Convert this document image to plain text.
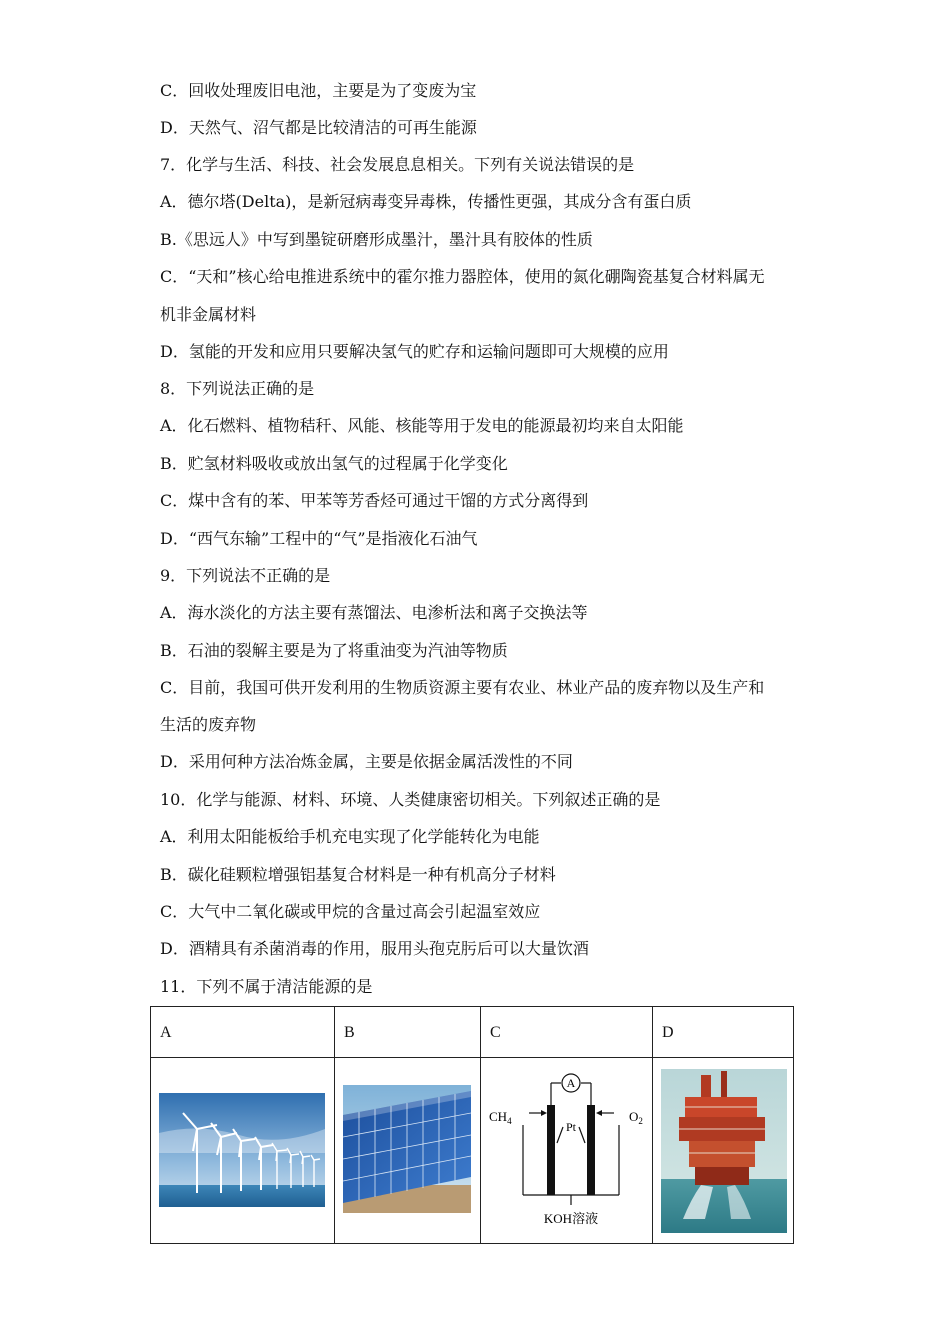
C．回收处理废旧电池，主要是为了变废为宝
D．天然气、沼气都是比较清洁的可再生能源
7．化学与生活、科技、社会发展息息相关。下列有关说法错误的是
A．德尔塔(Delta)，是新冠病毒变异毒株，传播性更强，其成分含有蛋白质
B.《思远人》中写到墨锭研磨形成墨汁，墨汁具有胶体的性质
C．“天和”核心给电推进系统中的霍尔推力器腔体，使用的氮化硼陶瓷基复合材料属无
机非金属材料
D．氢能的开发和应用只要解决氢气的贮存和运输问题即可大规模的应用
8．下列说法正确的是
A．化石燃料、植物秸秆、风能、核能等用于发电的能源最初均来自太阳能
B．贮氢材料吸收或放出氢气的过程属于化学变化
C．煤中含有的苯、甲苯等芳香烃可通过干馏的方式分离得到
D．“西气东输”工程中的“气”是指液化石油气
9．下列说法不正确的是
A．海水淡化的方法主要有蒸馏法、电渗析法和离子交换法等
B．石油的裂解主要是为了将重油变为汽油等物质
C．目前，我国可供开发利用的生物质资源主要有农业、林业产品的废弃物以及生产和
生活的废弃物
D．采用何种方法冶炼金属，主要是依据金属活泼性的不同
10．化学与能源、材料、环境、人类健康密切相关。下列叙述正确的是
A．利用太阳能板给手机充电实现了化学能转化为电能
B．碳化硅颗粒增强铝基复合材料是一种有机高分子材料
C．大气中二氧化碳或甲烷的含量过高会引起温室效应
D．酒精具有杀菌消毒的作用，服用头孢克肟后可以大量饮酒
11．下列不属于清洁能源的是
A	B	C	D
A
$CH_4$	$O_2$
Pt
KOH溶液
